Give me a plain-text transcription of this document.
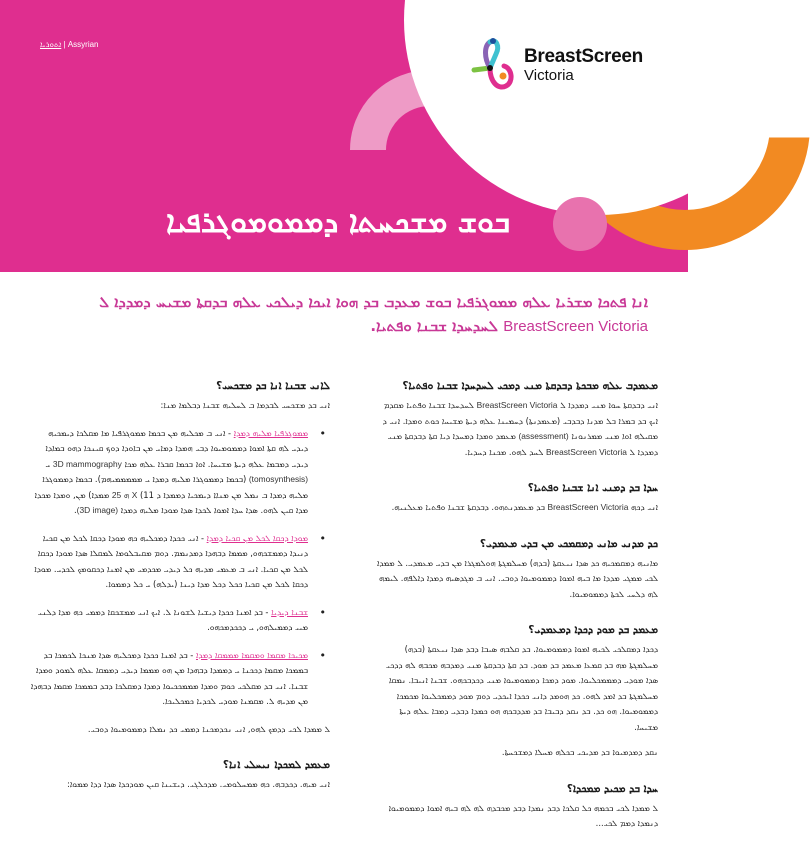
ܐܬܘܪܝܐ | Assyrian
BreastScreen
Victoria
ܒܘܫ ܡܫܟܚܬܐ ܕܡܡܘܡܘܓܪܦܝܐ
ܐܢܐ ܦܬܟܐ ܡܫܪܝܐ ܥܠܗ ܡܡܘܓܪܦܝܐ ܒܘܫ ܡܥܕܒ ܒܕ ܗܘܐ ܐܝܟܐ ܕܝܠܟܝ ܥܠܗ ܒܕܩܬܐ ܡܫܝܚ ܕܡܕܕܐ ܠ BreastScreen Victoria ܠܚܕܚܕܐ ܫܒܢܐ ܘܦܬܝܐ.
ܡܥܡܕܒ ܥܠܗ ܡܒܟܬܐ ܕܒܕܩܬܐ ܡܢܝ ܕܡܟܝ ܠܚܕܚܕܐ ܫܒܢܐ ܘܦܬܝܐ؟

ܐܢܝ ܕܒܕܩܬܐ ܚܘܐ ܡܢܝ ܕܡܕܕܐ ܠ BreastScreen Victoria ܠܚܕܚܕܐ ܫܒܢܐ ܘܦܬܝܐ ܡܩܕܡ ܐܝܟ ܒܕ ܒܡܪܐ ܒܠ ܡܕܢܐ ܕܒܕܒܝ (ܡܥܡܕܢܬܐ) ܕܚܡܝܢܐ ܥܠܗ ܕܝܬܐ ܡܫܝܚܐ ܟܘܬ ܘܡܕܐ. ܐܢܝ ܕ ܡܩܝܠܗ ܐܘܐ ܡܢܝ ܡܡܪܢܘܢܐ (assessment) ܡܥܡܕ ܘܡܕܐ ܕܡܚܕܐ ܕܝܐ ܩܬܐ ܕܒܕܩܬܐ ܡܢܝ ܕܡܕܕܐ ܠ BreastScreen Victoria ܠܚܕ ܠܗܘ. ܡܟܢܐ ܕܚܕܝܐ.

ܚܕܐ ܒܕ ܕܡܢܝ ܐܢܐ ܫܒܢܐ ܘܦܬܝܐ؟

ܐܢܝ ܕܟܗ BreastScreen Victoria ܒܕ ܡܥܡܕܢܬܗܘ. ܕܒܕܩܬܐ ܫܒܢܐ ܘܦܬܝܐ ܡܥܠܢܝܗ.

ܟܕ ܡܕܢܝ ܡܐܢܝ ܕܡܩܡܟܝ ܡܢ ܒܕܝ ܡܥܡܕܝ؟

ܡܐܢܝܗ ܕܡܩܡܟܝܗ ܟܕ ܣܕܐ ܢܝܥܩܬܐ (ܒܕܗ) ܡܚܠܡܓܬܐ ܗܘܠܡܓܪܐ ܡܢ ܒܕܝ ܡܥܡܕܝ. ܠ ܡܡܕܐ ܠܟܝ ܡܡܓܝ ܡܕܕܐ ܡܐ ܒܝܗ ܐܡܘܐ ܕܡܡܘܡܝܘܐ ܕܘܒܝ. ܐܢܝ ܒ ܡܓܕܣܝܗ ܕܡܕܐ ܕܐܠܦܗ. ܠܝܡܗ ܠܗ ܕܠܚܝ ܠܟܬܐ ܕܡܡܘܡܝܘܐ.

ܡܥܡܕ ܒܕ ܡܘܕ ܕܟܕܐ ܕܡܥܡܕܝ؟

ܕܟܕܐ ܕܡܩܠܟܝ ܠܟܝܗ ܐܡܘܐ ܕܡܡܘܡܝܘܐ. ܒܕ ܩܠܒܗ ܣܝܒܐ ܕܒܕ ܣܕܐ ܢܝܥܩܬܐ (ܒܕܗ) ܡܚܠܡܓܬܐ ܡܗ ܒܕ ܩܡܥܐ ܡܥܡܕ ܒܕ ܡܘܕ. ܒܕ ܩܬܐ ܕܒܕܩܬܐ ܡܢܝ ܕܡܕܒܗ ܡܟܒܗ ܠܗ ܕܕܟܝ ܣܕܐ ܡܘܕܝ ܕܡܡܡܟܠܝܘܐ. ܡܘܕ ܕܡܟܐ ܕܡܡܘܡܝܘܐ ܡܢܝ ܕܟܕܒܟܗܘ. ܫܒܢܐ ܐܢܝܒܐ. ܢܡܩܐ ܡܚܠܡܓܬܐ ܒܕ ܐܡܕ ܠܗܘ. ܟܕ ܗܘܡܕ ܕܐܢܝ ܟܟܕܐ ܐܝܟܕܝ ܕܘܡ ܡܘܕ ܕܡܡܟܠܝܘܐ ܡܟܡܟܐ ܕܡܡܘܡܝܘܐ. ܗܘ ܟܕ. ܒܕ ܢܩܕ ܕܒܝܒܐ ܒܕ ܡܕܕܒܟܗ ܗܘ ܟܡܕܐ ܕܒܕܝ ܕܡܒܐ ܥܠܗ ܕܝܬܐ ܡܫܝܚܐ.

ܢܩܕ ܕܡܕܡܝܘܐ ܒܕ ܡܕܝܟܝ ܒܟܠܗ ܡܚܠܐ ܕܡܫܟܚܬܐ.

ܚܕܐ ܒܕ ܡܟܝܕ ܡܡܟܕܐ؟

ܠ ܡܡܕܐ ܠܟܝ ܒܟܡܗ ܟܠ ܩܠܟܐ ܕܒܕ ܢܡܕܐ ܕܒܕ ܡܟܒܕܗ ܠܗ ܠܗ ܒܝܗ ܐܡܘܐ ܕܡܡܘܡܝܘܐ ܕܢܡܕܐ ܕܡܡ ܠܟܝ...

ܠܐܢܝ ܫܒܢܐ ܐܢܐ ܒܕ ܡܫܟܚܝ؟

ܐܢܝ ܒܕ ܡܫܟܚܝ ܠܒܕܡܐ ܒ ܠܚܠܝܗ ܫܒܢܐ ܕܒܠܡܐ ܡܢܐ:

• ܡܡܘܓܪܦܝܐ ܡܠܝܗ ܕܡܕܐ - ܐܢܝ ܒ ܡܟܠܝܗ ܡܢ ܒܟܡܐ ܡܡܘܓܪܦܝܐ ܡܐ ܡܩܠܟܐ ܕܝܡܟܝܗ ܕܝܕܝ ܠܗ ܩܬܐ ܐܡܘܐ ܕܡܡܘܡܝܘܐ ܕܒܝ ܗܡܕܐ ܕܡܐܝ ܡܢ ܒܐܘܕܐ ܕܘܟ ܩܝܢܟܐ ܕܗܘ ܒܡܐܕܐ ܕܝܕܝ ܕܡܒܡܐ ܥܠܗ ܕܝܬܐ ܡܫܝܚܐ. ܐܘܐ ܒܟܡܐ ܩܒܪܐ ܥܠܗ ܡܟܐ 3D mammography ܝ (tomosynthesis) (ܒܟܡܐ ܕܡܡܘܓܪܐ ܡܠܝܗ ܕܡܕܐ ܝ ܡܡܡܡܡܝܗܡ). ܒܟܡܐ ܕܡܡܘܓܪܐ ܡܠܝܗ ܕܡܕܐ ܒ ܢܡܠ ܡܢ ܡܢܐܐ ܕܝܡܟܝܐ ܕܡܡܕܐ ܕ X (11 ܗ 25 ܡܡܕܐ) ܡܢ, ܘܡܕܐ ܡܟܕܐ ܡܕܐ ܩܝܢ ܠܗܘ. ܣܕܐ ܚܕܐ ܐܡܘܐ ܠܟܕܐ ܣܕܐ ܡܘܕܐ ܡܠܝܗ ܕܡܕܐ (3D image).
• ܡܘܕܐ ܕܟܩܐ ܠܟܠ ܡܢ ܩܟܝܐ ܕܡܕܐ - ܐܢܝ ܟܟܕܐ ܕܡܟܠܝܗ ܟܗ ܡܘܕܐ ܕܟܩܐ ܠܟܠ ܡܢ ܩܟܝܐ ܕܢܝܕܐ ܕܡܡܫܟܗܘ, ܡܡܡܐ ܕܒܗܕܐ ܕܡܕܢܡܡ. ܕܘܡ ܡܩܝܒܠܘܡܐ ܠܡܩܠܐ ܣܕܐ ܡܘܕܐ ܕܟܩܐ ܠܟܠ ܡܢ ܩܟܝܐ. ܐܢܝ ܒ ܡܥܡܝ ܡܕܝܗ ܟܠ ܕܝܕܝ ܡܟܕܡܝ ܡܢ ܐܡܢܐ ܕܟܩܘܡܟ ܠܟܕܝ. ܡܘܕܐ ܕܟܩܐ ܠܟܠ ܡܢ ܩܟܝܐ ܟܟܠ ܕܟܠ ܡܕܐ ܕܝܢܐ (ܝܕܠܗ) ܝ ܟܠ ܕܡܡܘܐ.
• ܫܒܢܐ ܕܝܕܝܐ - ܒܕ ܐܡܢܐ ܟܟܕܐ ܕܝܫܝܐ ܠܫܘܢܐ ܠ. ܐܝܟ ܐܢܝ ܡܡܫܟܩܐ ܕܡܡܝ ܟܗ ܡܕܐ ܕܠܢܝ ܡܝܝ ܕܡܡܝܠܗܘ, ܝ ܕܟܟܕܡܟܗܘ.
• ܡܟܝܟܐ ܡܩܡܐ ܘܡܩܡܐ ܡܡܡܩܐ ܕܡܕܐ - ܒܕ ܐܡܢܐ ܟܟܕܐ ܕܡܟܠܝܗ ܣܕܐ ܡܢܟܐ ܠܟܡܟܐ ܒܕ ܒܡܡܟܐ ܡܩܡܐ ܕܟܟܢܐ ܝ ܕܡܡܕܐ ܕܒܗܕܐ ܡܢ ܗܘ ܡܡܡܐ ܕܝܕܝ ܕܡܡܩܐ ܥܠܗ ܠܡܘܕ ܘܡܕܐ ܫܒܢܐ. ܐܢܝ ܒܕ ܡܩܠܟܝ ܟܘܡ ܘܡܕܐ ܡܡܡܟܟܝܘܐ ܕܡܕܐ ܕܡܩܠܟܐ ܕܒܕ ܒܡܡܟܐ ܡܩܡܐ ܕܒܗܕܐ ܡܢ ܡܕܝܗ ܠ. ܡܩܡܢܐ ܡܘܕܝ ܠܟܕܝܐ ܟܡܟܠܝܟܐ.

ܠ ܡܡܕܐ ܠܟܝ ܕܕܡܟ ܠܗܘ, ܐܢܝ ܢܟܕܡܟܢܐ ܕܡܡܝ ܟܕ ܢܡܠܐ ܕܡܡܘܡܝܘܐ ܕܘܒܝ.

ܡܥܡܕ ܠܡܟܕܐ ܢܝܚܠܝ ܐܢܐ؟

ܐܢܝ ܡܝܗ. ܕܟܕܒܗ. ܟܗ ܡܡܚܠܘܡܝ. ܡܕܟܠܓܝ. ܕܝܫܝܢܐ ܩܝܢ ܡܘܕܟܕܐ ܣܕܐ ܕܕܐ ܡܡܘܐ:
